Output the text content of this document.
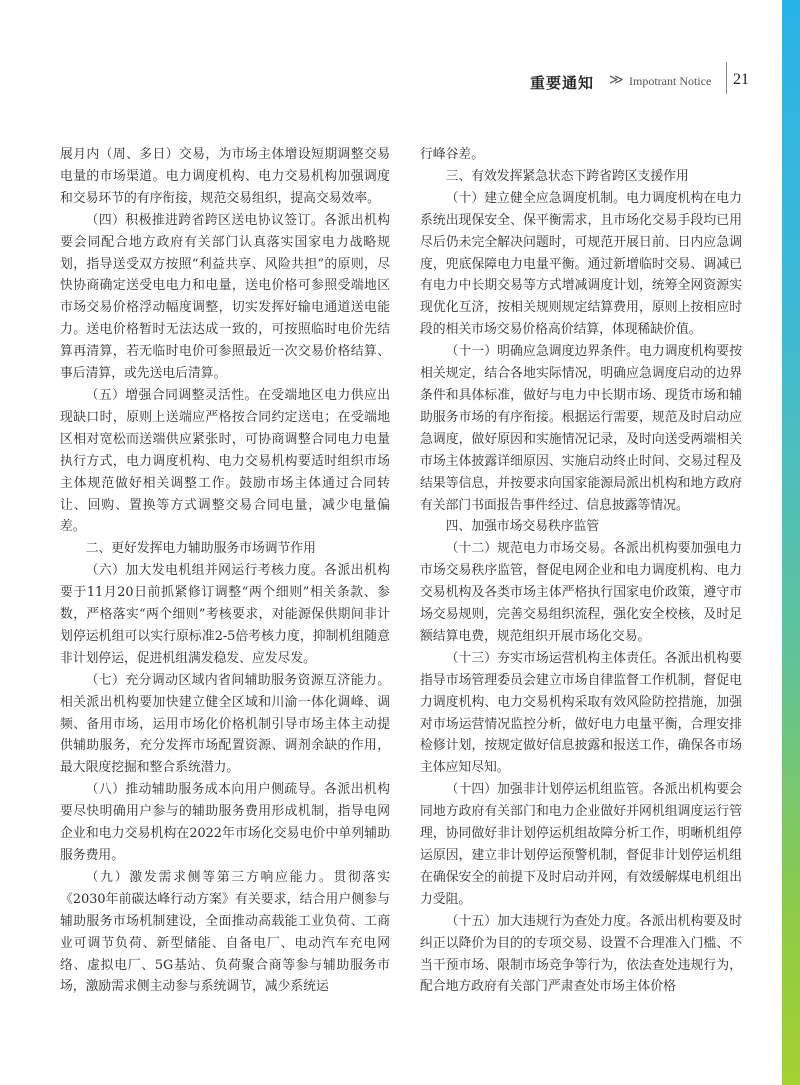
重要通知 ≫ Impotrant Notice 21

展月内（周、多日）交易，为市场主体增设短期调整交易电量的市场渠道。电力调度机构、电力交易机构加强调度和交易环节的有序衔接，规范交易组织，提高交易效率。

（四）积极推进跨省跨区送电协议签订。各派出机构要会同配合地方政府有关部门认真落实国家电力战略规划，指导送受双方按照“利益共享、风险共担”的原则，尽快协商确定送受电电力和电量，送电价格可参照受端地区市场交易价格浮动幅度调整，切实发挥好输电通道送电能力。送电价格暂时无法达成一致的，可按照临时电价先结算再清算，若无临时电价可参照最近一次交易价格结算、事后清算，或先送电后清算。

（五）增强合同调整灵活性。在受端地区电力供应出现缺口时，原则上送端应严格按合同约定送电；在受端地区相对宽松而送端供应紧张时，可协商调整合同电力电量执行方式，电力调度机构、电力交易机构要适时组织市场主体规范做好相关调整工作。鼓励市场主体通过合同转让、回购、置换等方式调整交易合同电量，减少电量偏差。

二、更好发挥电力辅助服务市场调节作用

（六）加大发电机组并网运行考核力度。各派出机构要于11月20日前抓紧修订调整“两个细则”相关条款、参数，严格落实“两个细则”考核要求，对能源保供期间非计划停运机组可以实行原标准2-5倍考核力度，抑制机组随意非计划停运，促进机组满发稳发、应发尽发。

（七）充分调动区域内省间辅助服务资源互济能力。相关派出机构要加快建立健全区域和川渝一体化调峰、调频、备用市场，运用市场化价格机制引导市场主体主动提供辅助服务，充分发挥市场配置资源、调剂余缺的作用，最大限度挖掘和整合系统潜力。

（八）推动辅助服务成本向用户侧疏导。各派出机构要尽快明确用户参与的辅助服务费用形成机制，指导电网企业和电力交易机构在2022年市场化交易电价中单列辅助服务费用。

（九）激发需求侧等第三方响应能力。贯彻落实《2030年前碳达峰行动方案》有关要求，结合用户侧参与辅助服务市场机制建设，全面推动高载能工业负荷、工商业可调节负荷、新型储能、自备电厂、电动汽车充电网络、虚拟电厂、5G基站、负荷聚合商等参与辅助服务市场，激励需求侧主动参与系统调节，减少系统运

行峰谷差。

三、有效发挥紧急状态下跨省跨区支援作用

（十）建立健全应急调度机制。电力调度机构在电力系统出现保安全、保平衡需求，且市场化交易手段均已用尽后仍未完全解决问题时，可规范开展日前、日内应急调度，兜底保障电力电量平衡。通过新增临时交易、调减已有电力中长期交易等方式增减调度计划，统筹全网资源实现优化互济，按相关规则规定结算费用，原则上按相应时段的相关市场交易价格高价结算，体现稀缺价值。

（十一）明确应急调度边界条件。电力调度机构要按相关规定，结合各地实际情况，明确应急调度启动的边界条件和具体标准，做好与电力中长期市场、现货市场和辅助服务市场的有序衔接。根据运行需要，规范及时启动应急调度，做好原因和实施情况记录，及时向送受两端相关市场主体披露详细原因、实施启动终止时间、交易过程及结果等信息，并按要求向国家能源局派出机构和地方政府有关部门书面报告事件经过、信息披露等情况。

四、加强市场交易秩序监管

（十二）规范电力市场交易。各派出机构要加强电力市场交易秩序监管，督促电网企业和电力调度机构、电力交易机构及各类市场主体严格执行国家电价政策，遵守市场交易规则，完善交易组织流程，强化安全校核，及时足额结算电费，规范组织开展市场化交易。

（十三）夯实市场运营机构主体责任。各派出机构要指导市场管理委员会建立市场自律监督工作机制，督促电力调度机构、电力交易机构采取有效风险防控措施，加强对市场运营情况监控分析，做好电力电量平衡，合理安排检修计划，按规定做好信息披露和报送工作，确保各市场主体应知尽知。

（十四）加强非计划停运机组监管。各派出机构要会同地方政府有关部门和电力企业做好并网机组调度运行管理，协同做好非计划停运机组故障分析工作，明晰机组停运原因，建立非计划停运预警机制，督促非计划停运机组在确保安全的前提下及时启动并网，有效缓解煤电机组出力受阻。

（十五）加大违规行为查处力度。各派出机构要及时纠正以降价为目的的专项交易、设置不合理准入门槛、不当干预市场、限制市场竞争等行为，依法查处违规行为，配合地方政府有关部门严肃查处市场主体价格
